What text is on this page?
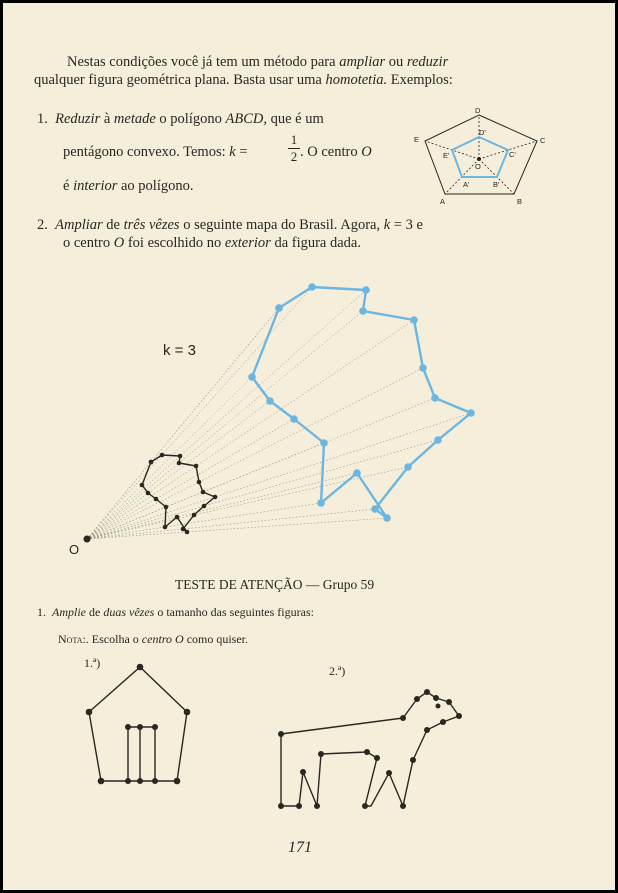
Nestas condições você já tem um método para ampliar ou reduzir
qualquer figura geométrica plana. Basta usar uma homotetia. Exemplos:
1. Reduzir à metade o polígono ABCD, que é um
pentágono convexo. Temos: k =	$\frac{1}{2}$ . O centro O
é interior ao polígono.
D
C
E
A	B
D'
C'
E'
A'	B'
O
2. Ampliar de três vêzes o seguinte mapa do Brasil. Agora, k = 3 e
o centro O foi escolhido no exterior da figura dada.
O
k = 3
TESTE DE ATENÇÃO — Grupo 59
1. Amplie de duas vêzes o tamanho das seguintes figuras:
Nota:. Escolha o centro O como quiser.
1.ª)
2.ª)
171
